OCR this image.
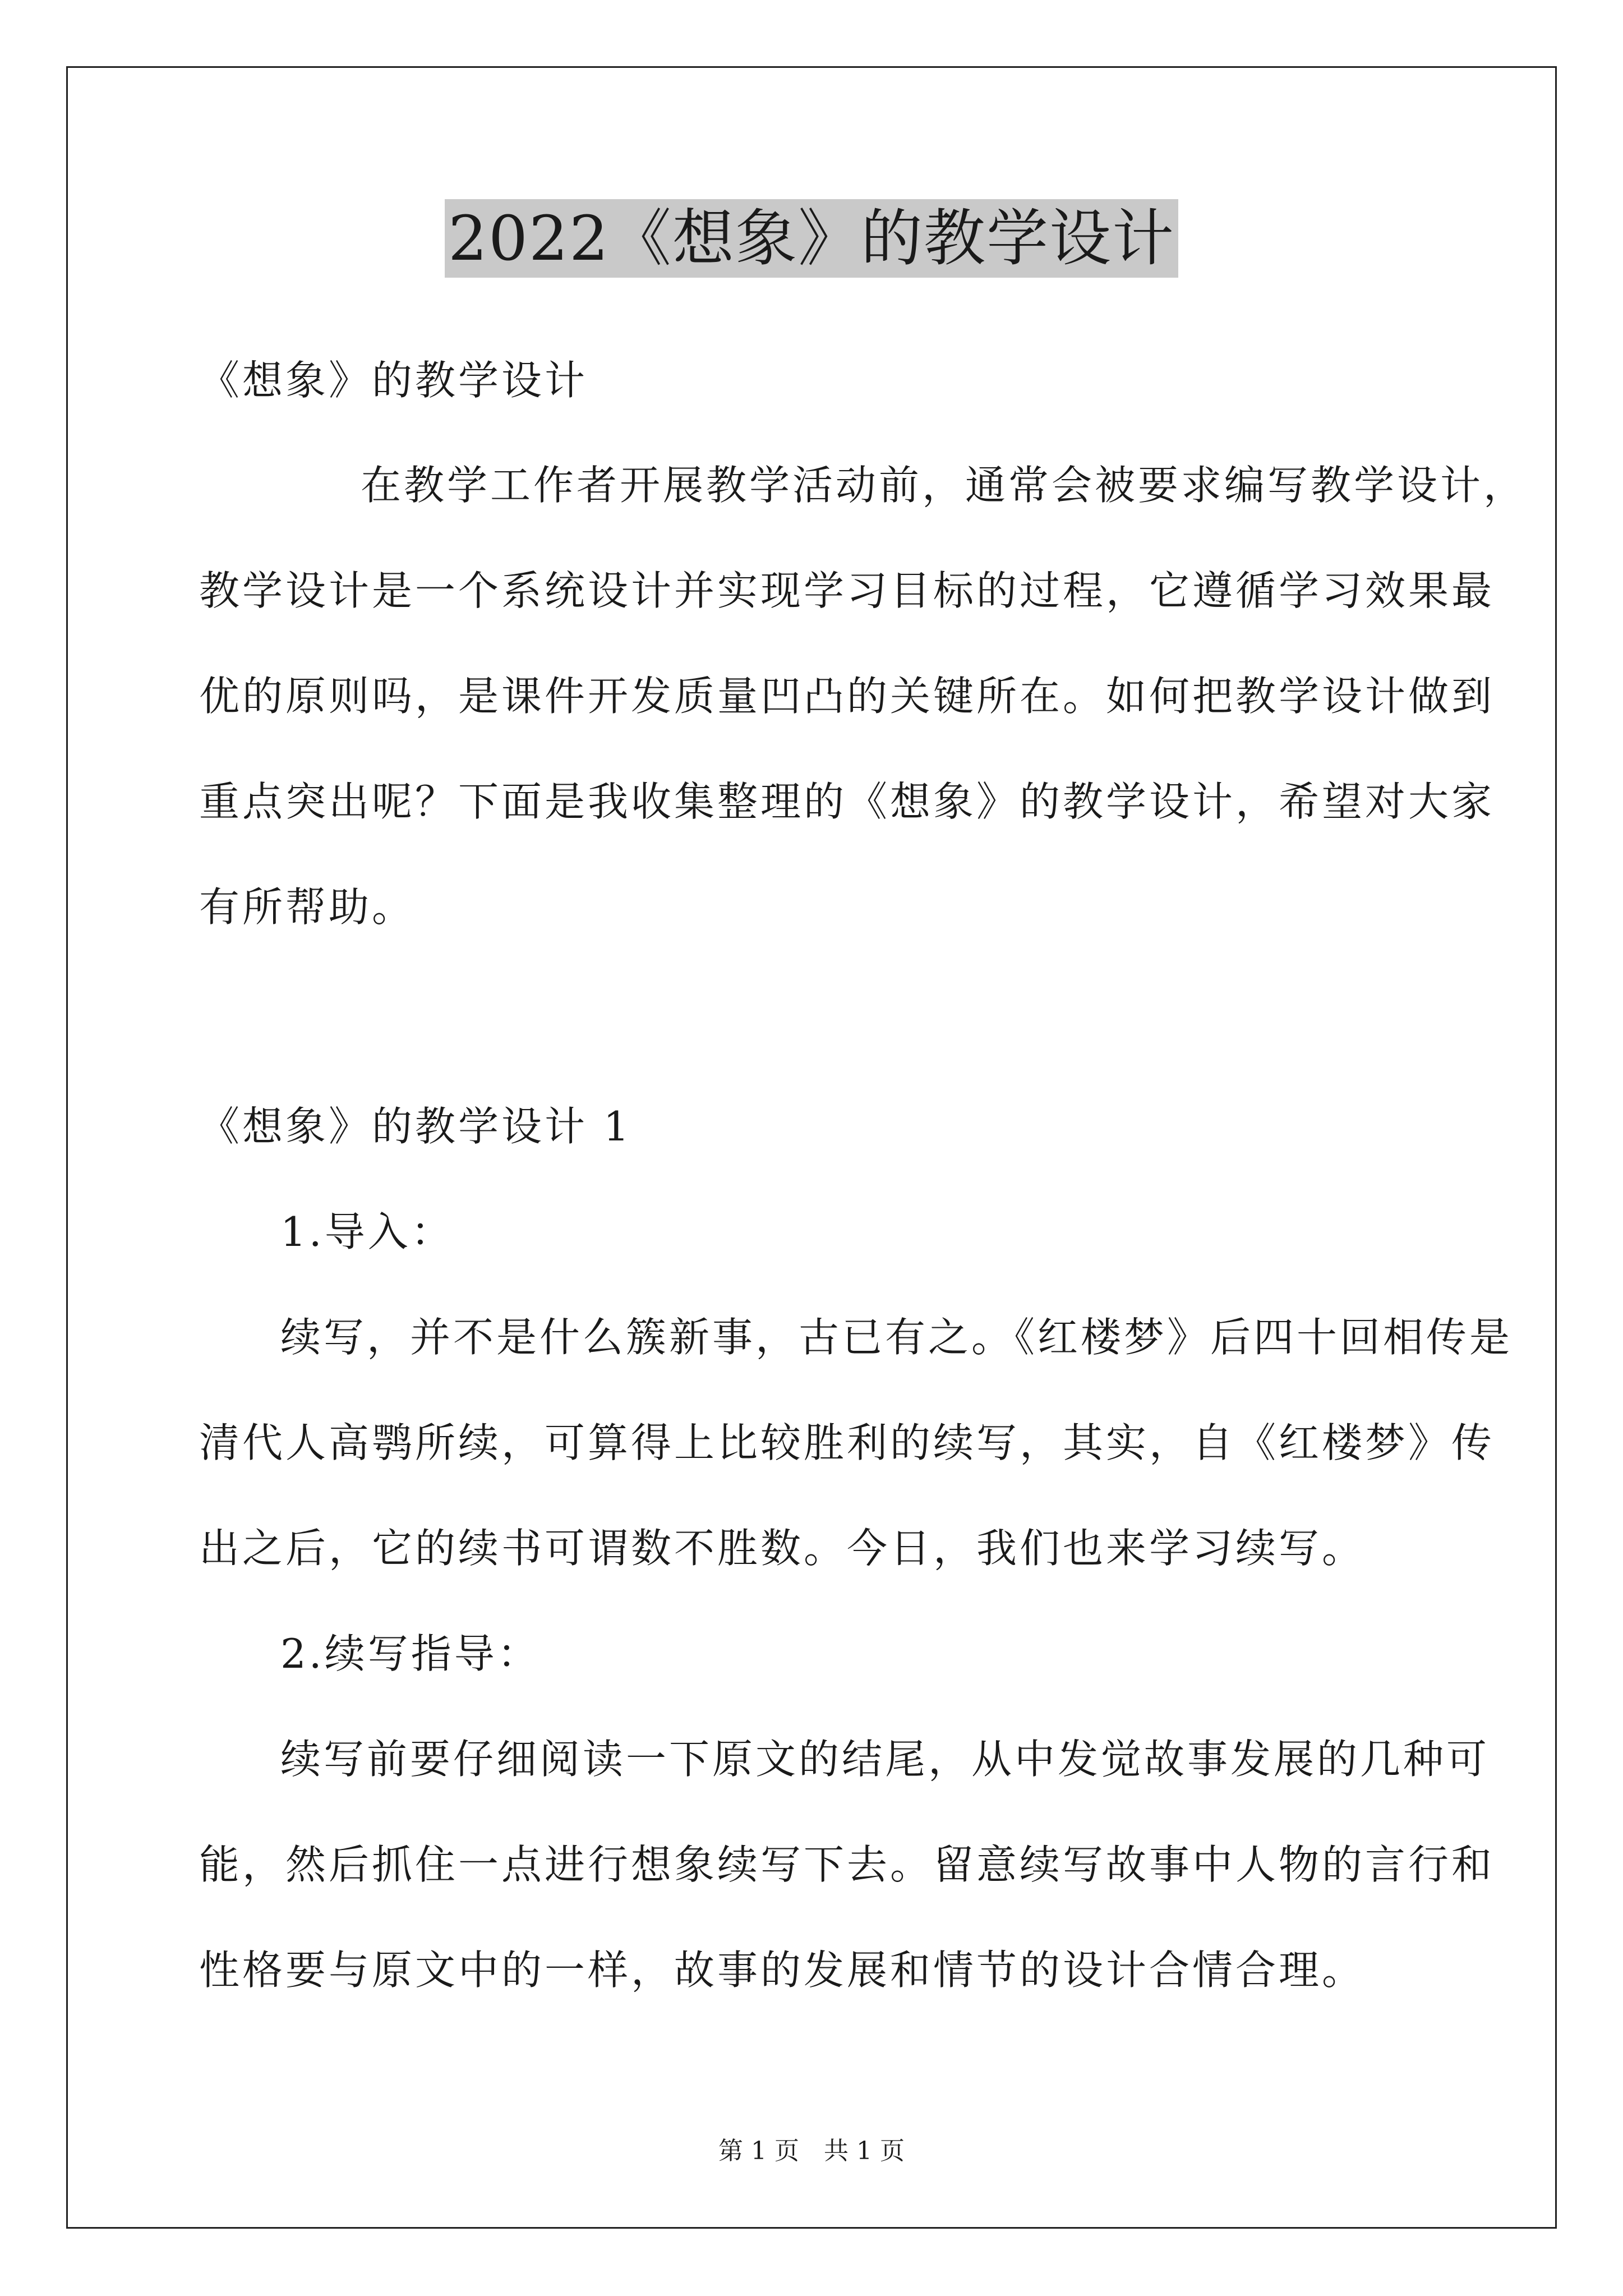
2022《想象》的教学设计
《想象》的教学设计
在教学工作者开展教学活动前，通常会被要求编写教学设计，
教学设计是一个系统设计并实现学习目标的过程，它遵循学习效果最
优的原则吗，是课件开发质量凹凸的关键所在。如何把教学设计做到
重点突出呢？下面是我收集整理的《想象》的教学设计，希望对大家
有所帮助。
《想象》的教学设计 1
1.导入：
续写，并不是什么簇新事，古已有之。《红楼梦》后四十回相传是
清代人高鹗所续，可算得上比较胜利的续写，其实，自《红楼梦》传
出之后，它的续书可谓数不胜数。今日，我们也来学习续写。
2.续写指导：
续写前要仔细阅读一下原文的结尾，从中发觉故事发展的几种可
能，然后抓住一点进行想象续写下去。留意续写故事中人物的言行和
性格要与原文中的一样，故事的发展和情节的设计合情合理。
第 1 页　共 1 页
